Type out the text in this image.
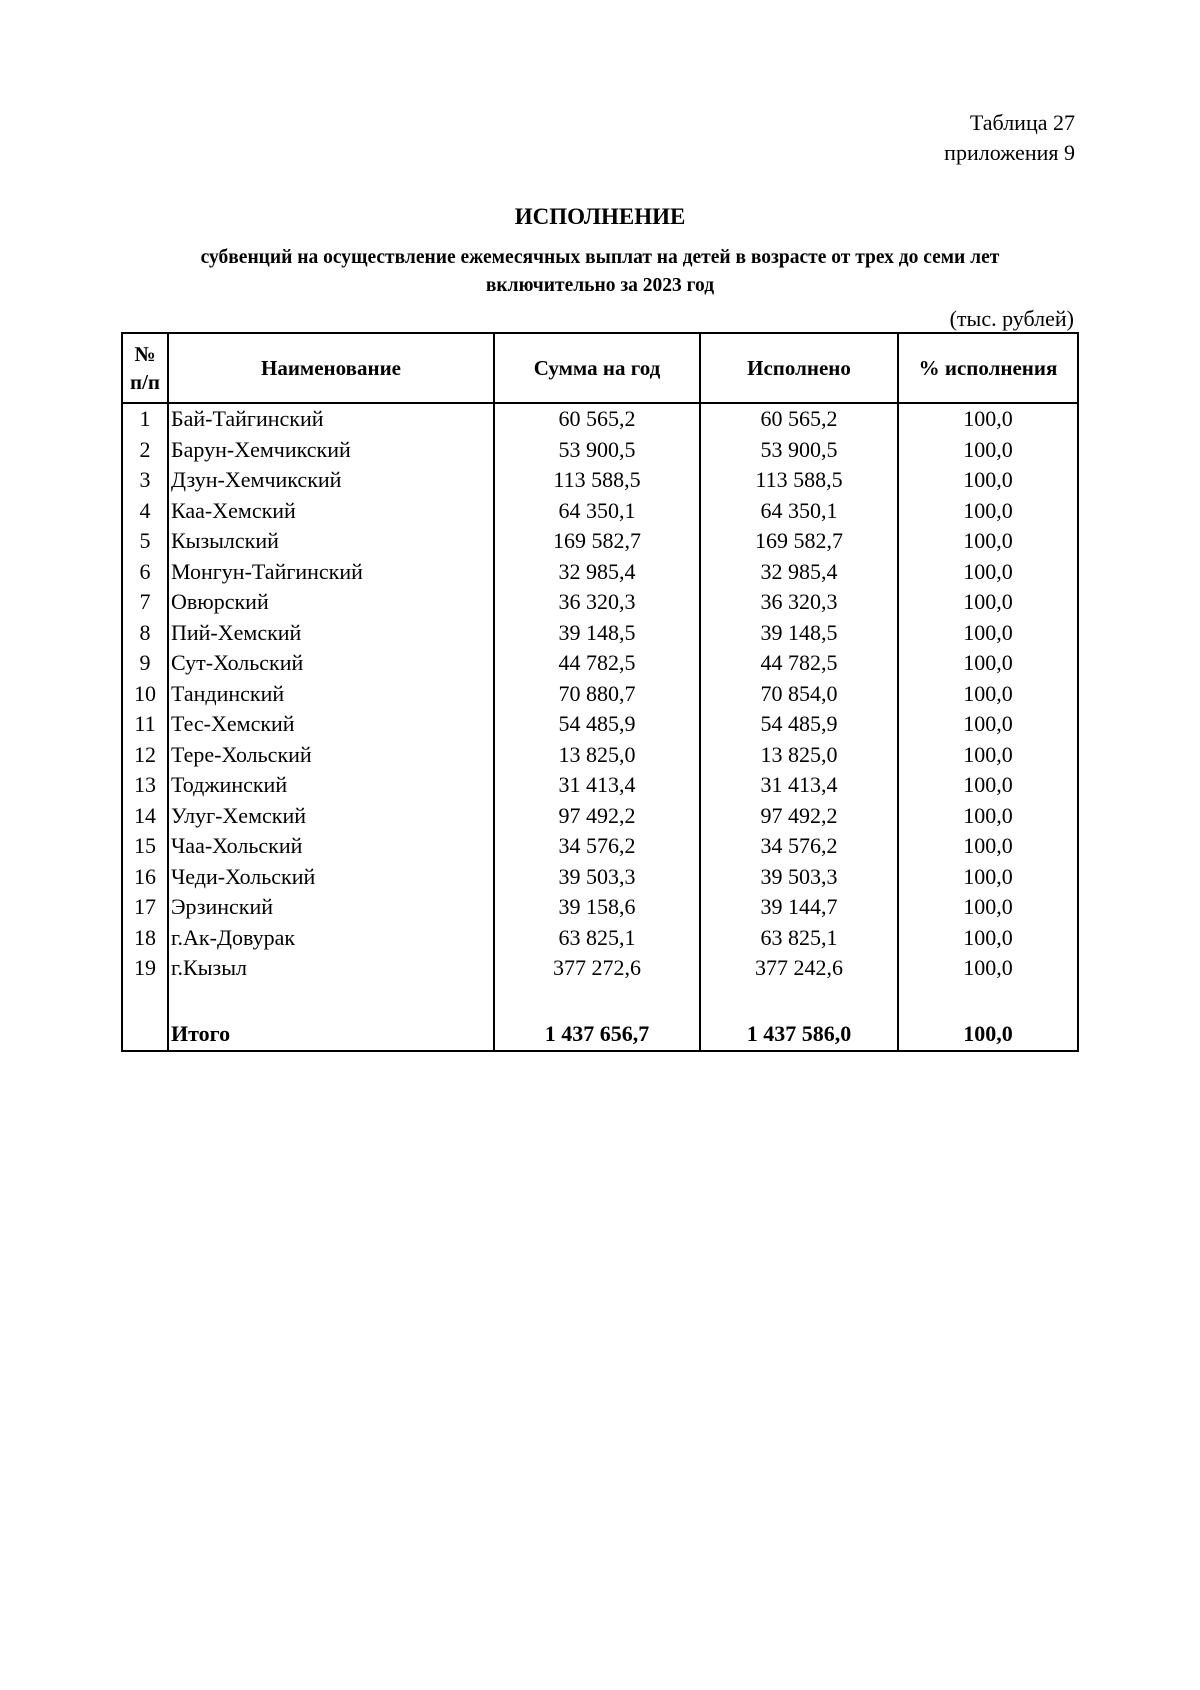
Таблица 27
приложения 9
ИСПОЛНЕНИЕ
субвенций на осуществление ежемесячных выплат на детей в возрасте от трех до семи лет
включительно за 2023 год
(тыс. рублей)
№
п/п	Наименование	Сумма на год	Исполнено	% исполнения
1	Бай-Тайгинский	60 565,2	60 565,2	100,0
2	Барун-Хемчикский	53 900,5	53 900,5	100,0
3	Дзун-Хемчикский	113 588,5	113 588,5	100,0
4	Каа-Хемский	64 350,1	64 350,1	100,0
5	Кызылский	169 582,7	169 582,7	100,0
6	Монгун-Тайгинский	32 985,4	32 985,4	100,0
7	Овюрский	36 320,3	36 320,3	100,0
8	Пий-Хемский	39 148,5	39 148,5	100,0
9	Сут-Хольский	44 782,5	44 782,5	100,0
10	Тандинский	70 880,7	70 854,0	100,0
11	Тес-Хемский	54 485,9	54 485,9	100,0
12	Тере-Хольский	13 825,0	13 825,0	100,0
13	Тоджинский	31 413,4	31 413,4	100,0
14	Улуг-Хемский	97 492,2	97 492,2	100,0
15	Чаа-Хольский	34 576,2	34 576,2	100,0
16	Чеди-Хольский	39 503,3	39 503,3	100,0
17	Эрзинский	39 158,6	39 144,7	100,0
18	г.Ак-Довурак	63 825,1	63 825,1	100,0
19	г.Кызыл	377 272,6	377 242,6	100,0

	Итого	1 437 656,7	1 437 586,0	100,0
